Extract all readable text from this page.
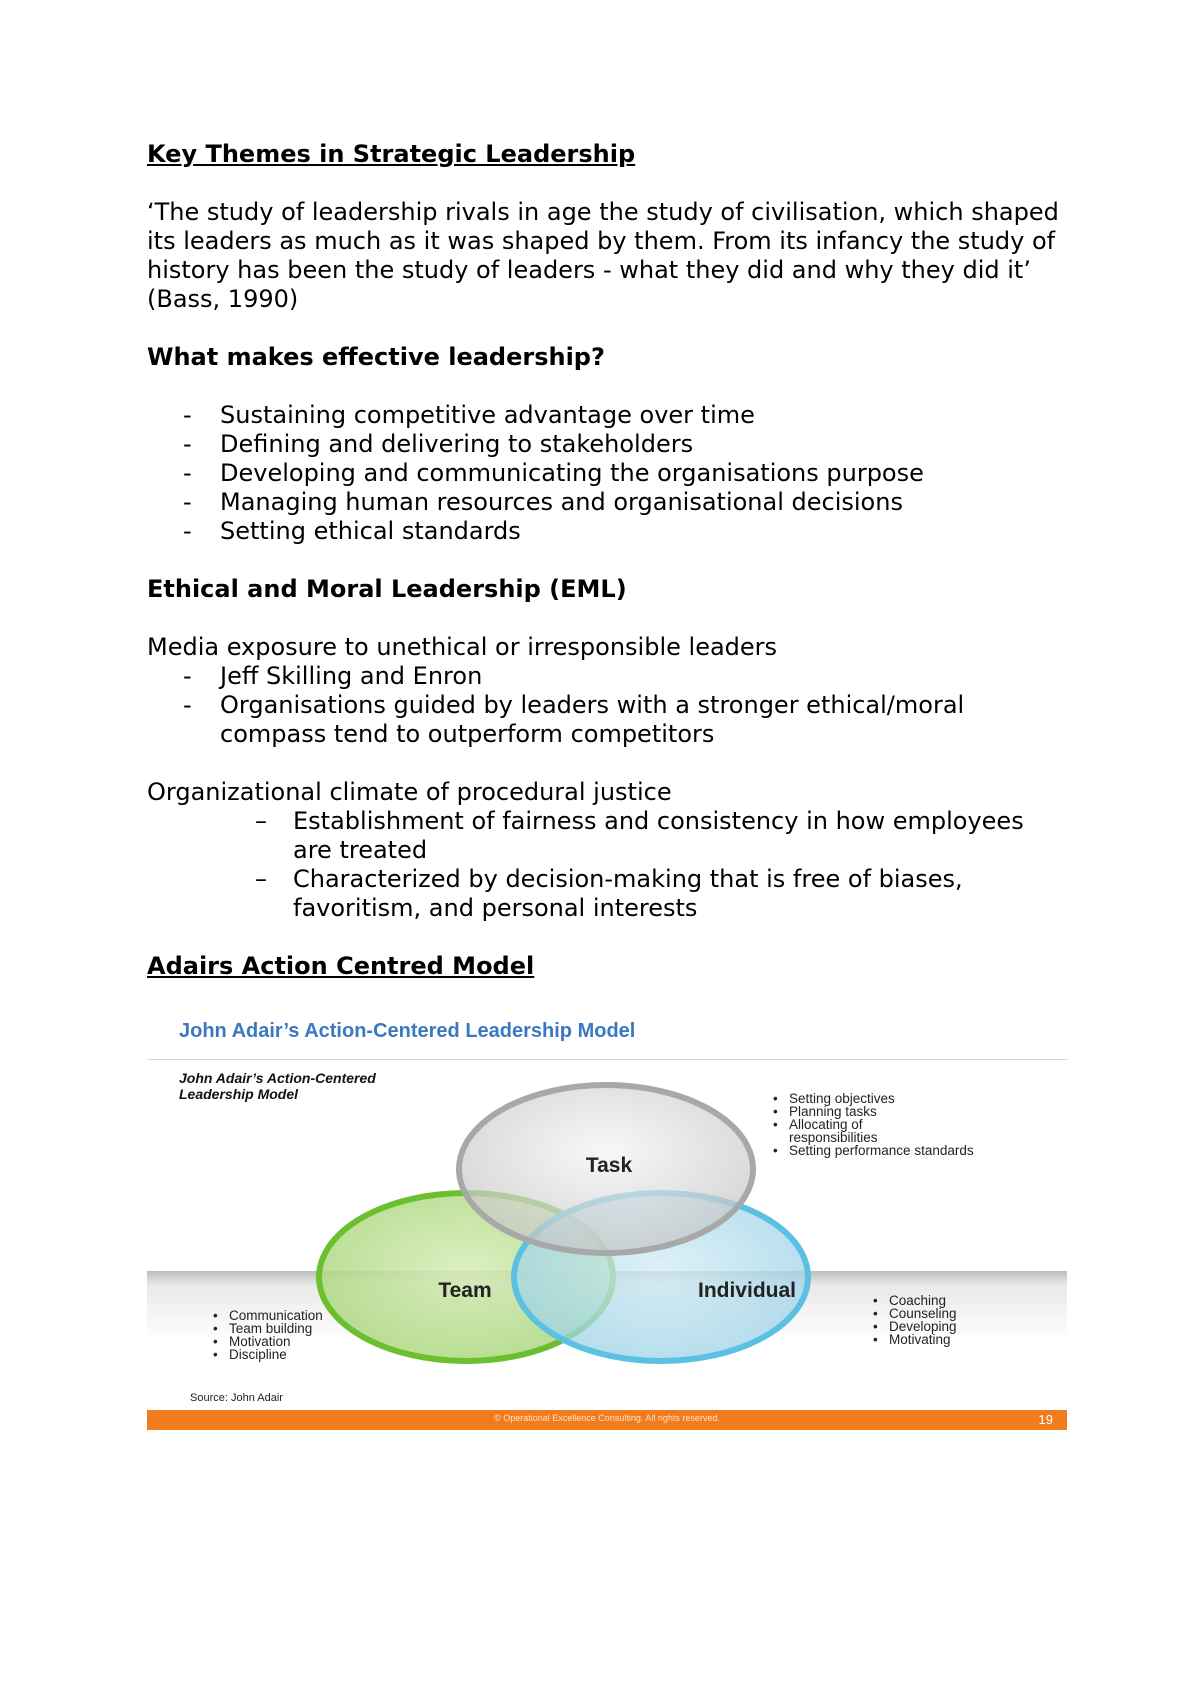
Key Themes in Strategic Leadership

‘The study of leadership rivals in age the study of civilisation, which shaped its leaders as much as it was shaped by them. From its infancy the study of history has been the study of leaders - what they did and why they did it’ (Bass, 1990)

What makes effective leadership?
- Sustaining competitive advantage over time
- Defining and delivering to stakeholders
- Developing and communicating the organisations purpose
- Managing human resources and organisational decisions
- Setting ethical standards
Ethical and Moral Leadership (EML)

Media exposure to unethical or irresponsible leaders

- Jeff Skilling and Enron
- Organisations guided by leaders with a stronger ethical/moral compass tend to outperform competitors

Organizational climate of procedural justice

– Establishment of fairness and consistency in how employees are treated
– Characterized by decision-making that is free of biases, favoritism, and personal interests
Adairs Action Centred Model
John Adair’s Action-Centered Leadership Model
John Adair’s Action-Centered
Leadership Model
Task
Team	Individual
• Setting objectives
• Planning tasks
• Allocating of responsibilities
• Setting performance standards
• Communication
• Team building
• Motivation
• Discipline
• Coaching
• Counseling
• Developing
• Motivating
Source: John Adair
© Operational Excellence Consulting. All rights reserved.	19
